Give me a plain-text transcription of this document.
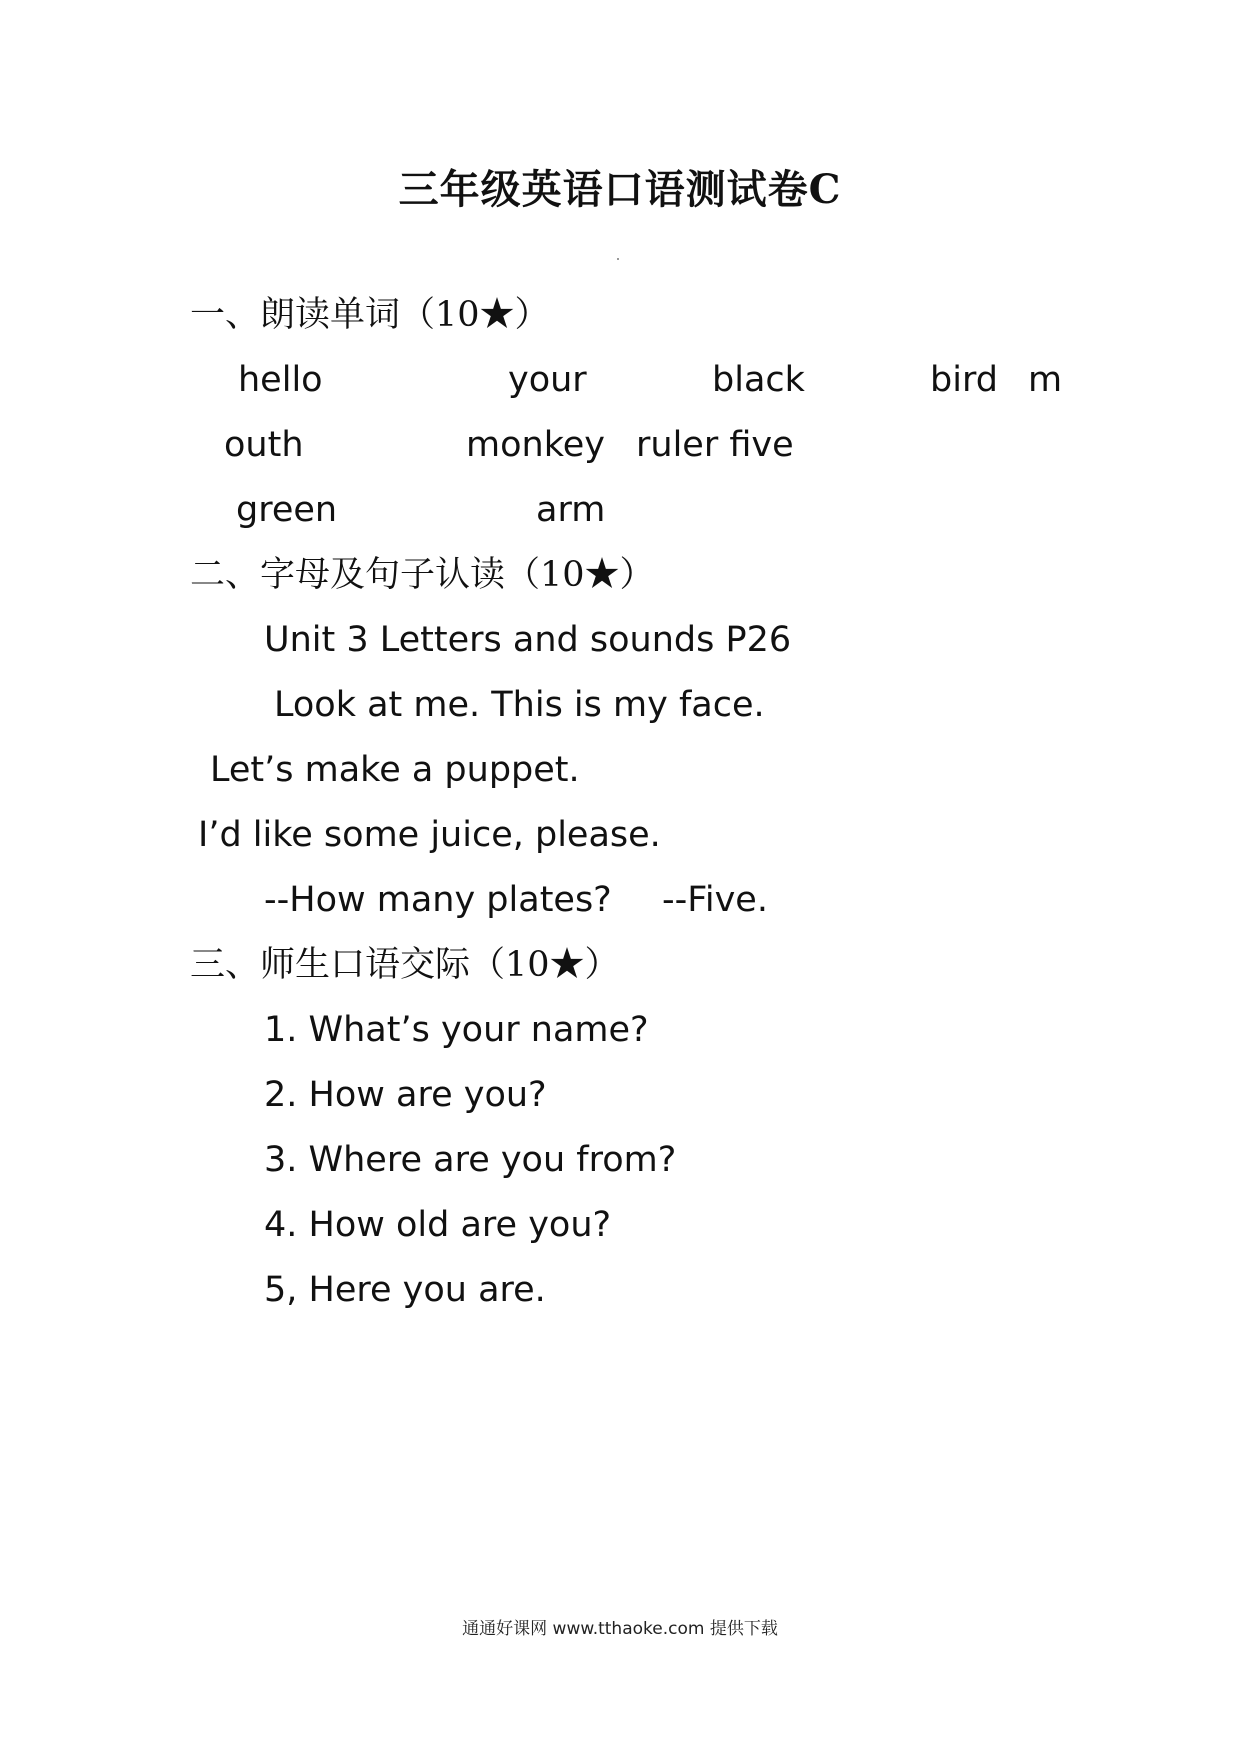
三年级英语口语测试卷C
一、朗读单词（10★）
hello	your	black	bird m
outh	monkey ruler five
green	arm
二、字母及句子认读（10★）
Unit 3 Letters and sounds P26
Look at me. This is my face.
Let’s make a puppet.
I’d like some juice, please.
--How many plates? --Five.
三、师生口语交际（10★）
1. What’s your name?
2. How are you?
3. Where are you from?
4. How old are you?
5, Here you are.
通通好课网 www.tthaoke.com 提供下载
